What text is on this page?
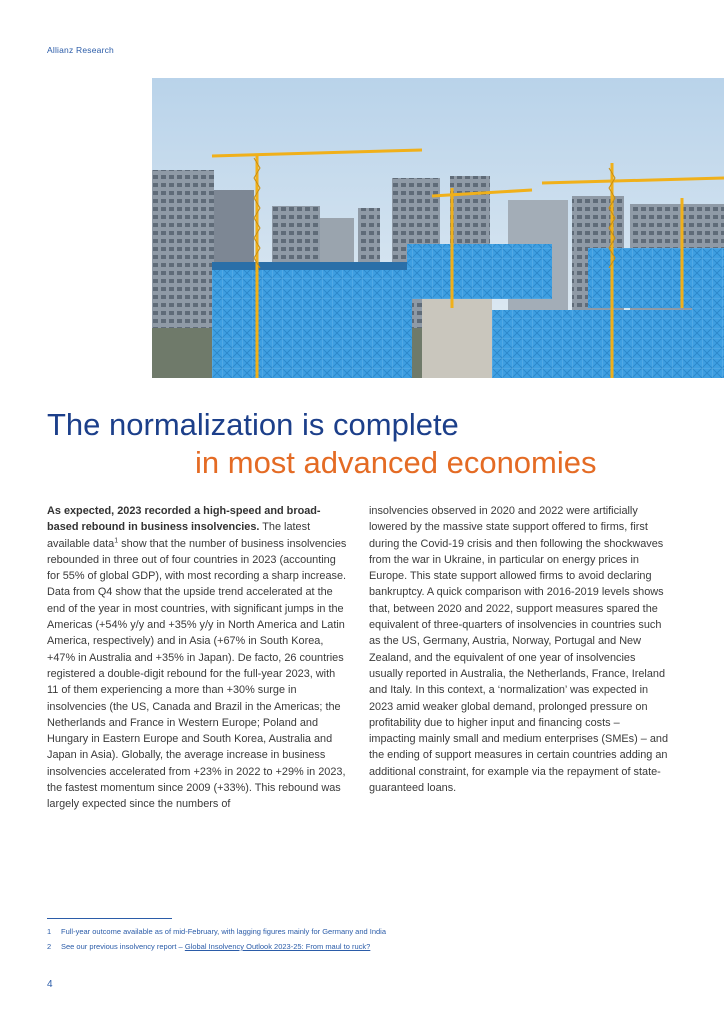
Allianz Research
The normalization is complete
in most advanced economies

As expected, 2023 recorded a high-speed and broad-based rebound in business insolvencies. The latest available data$^1$ show that the number of business insolvencies rebounded in three out of four countries in 2023 (accounting for 55% of global GDP), with most recording a sharp increase. Data from Q4 show that the upside trend accelerated at the end of the year in most countries, with significant jumps in the Americas (+54% y/y and +35% y/y in North America and Latin America, respectively) and in Asia (+67% in South Korea, +47% in Australia and +35% in Japan). De facto, 26 countries registered a double-digit rebound for the full-year 2023, with 11 of them experiencing a more than +30% surge in insolvencies (the US, Canada and Brazil in the Americas; the Netherlands and France in Western Europe; Poland and Hungary in Eastern Europe and South Korea, Australia and Japan in Asia). Globally, the average increase in business insolvencies accelerated from +23% in 2022 to +29% in 2023, the fastest momentum since 2009 (+33%). This rebound was largely expected since the numbers of

insolvencies observed in 2020 and 2022 were artificially lowered by the massive state support offered to firms, first during the Covid-19 crisis and then following the shockwaves from the war in Ukraine, in particular on energy prices in Europe. This state support allowed firms to avoid declaring bankruptcy. A quick comparison with 2016-2019 levels shows that, between 2020 and 2022, support measures spared the equivalent of three-quarters of insolvencies in countries such as the US, Germany, Austria, Norway, Portugal and New Zealand, and the equivalent of one year of insolvencies usually reported in Australia, the Netherlands, France, Ireland and Italy. In this context, a ‘normalization’ was expected in 2023 amid weaker global demand, prolonged pressure on profitability due to higher input and financing costs – impacting mainly small and medium enterprises (SMEs) – and the ending of support measures in certain countries adding an additional constraint, for example via the repayment of state-guaranteed loans.

1 Full-year outcome available as of mid-February, with lagging figures mainly for Germany and India
2 See our previous insolvency report – Global Insolvency Outlook 2023-25: From maul to ruck?
4
